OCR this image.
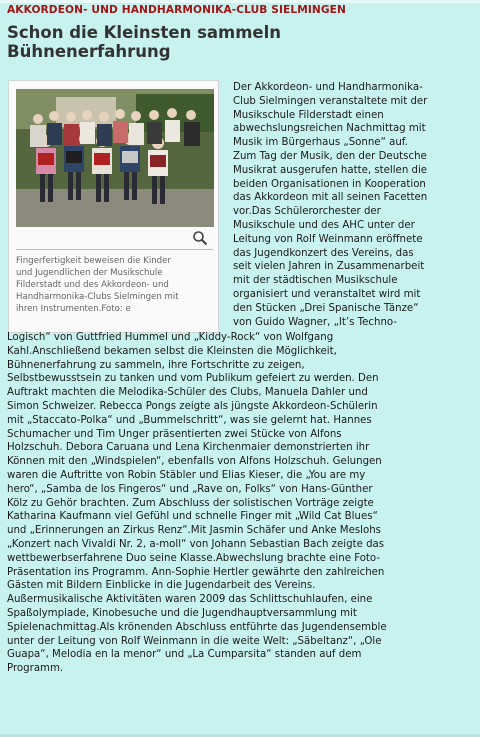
AKKORDEON- UND HANDHARMONIKA-CLUB SIELMINGEN
Schon die Kleinsten sammeln
Bühnenerfahrung
Fingerfertigkeit beweisen die Kinder
und Jugendlichen der Musikschule
Filderstadt und des Akkordeon- und
Handharmonika-Clubs Sielmingen mit
ihren Instrumenten.Foto: e
Der Akkordeon- und Handharmonika-
Club Sielmingen veranstaltete mit der
Musikschule Filderstadt einen
abwechslungsreichen Nachmittag mit
Musik im Bürgerhaus „Sonne“ auf.
Zum Tag der Musik, den der Deutsche
Musikrat ausgerufen hatte, stellen die
beiden Organisationen in Kooperation
das Akkordeon mit all seinen Facetten
vor.Das Schülerorchester der
Musikschule und des AHC unter der
Leitung von Rolf Weinmann eröffnete
das Jugendkonzert des Vereins, das
seit vielen Jahren in Zusammenarbeit
mit der städtischen Musikschule
organisiert und veranstaltet wird mit
den Stücken „Drei Spanische Tänze“
von Guido Wagner, „It’s Techno-
Logisch“ von Guttfried Hummel und „Kiddy-Rock“ von Wolfgang
Kahl.Anschließend bekamen selbst die Kleinsten die Möglichkeit,
Bühnenerfahrung zu sammeln, ihre Fortschritte zu zeigen,
Selbstbewusstsein zu tanken und vom Publikum gefeiert zu werden. Den
Auftrakt machten die Melodika-Schüler des Clubs, Manuela Dahler und
Simon Schweizer. Rebecca Pongs zeigte als jüngste Akkordeon-Schülerin
mit „Staccato-Polka“ und „Bummelschritt“, was sie gelernt hat. Hannes
Schumacher und Tim Unger präsentierten zwei Stücke von Alfons
Holzschuh. Debora Caruana und Lena Kirchenmaier demonstrierten ihr
Können mit den „Windspielen“, ebenfalls von Alfons Holzschuh. Gelungen
waren die Auftritte von Robin Stäbler und Elias Kieser, die „You are my
hero“, „Samba de los Fingeros“ und „Rave on, Folks“ von Hans-Günther
Kölz zu Gehör brachten. Zum Abschluss der solistischen Vorträge zeigte
Katharina Kaufmann viel Gefühl und schnelle Finger mit „Wild Cat Blues“
und „Erinnerungen an Zirkus Renz“.Mit Jasmin Schäfer und Anke Meslohs
„Konzert nach Vivaldi Nr. 2, a-moll“ von Johann Sebastian Bach zeigte das
wettbewerbserfahrene Duo seine Klasse.Abwechslung brachte eine Foto-
Präsentation ins Programm. Ann-Sophie Hertler gewährte den zahlreichen
Gästen mit Bildern Einblicke in die Jugendarbeit des Vereins.
Außermusikalische Aktivitäten waren 2009 das Schlittschuhlaufen, eine
Spaßolympiade, Kinobesuche und die Jugendhauptversammlung mit
Spielenachmittag.Als krönenden Abschluss entführte das Jugendensemble
unter der Leitung von Rolf Weinmann in die weite Welt: „Säbeltanz“, „Ole
Guapa“, Melodia en la menor“ und „La Cumparsita“ standen auf dem
Programm.
